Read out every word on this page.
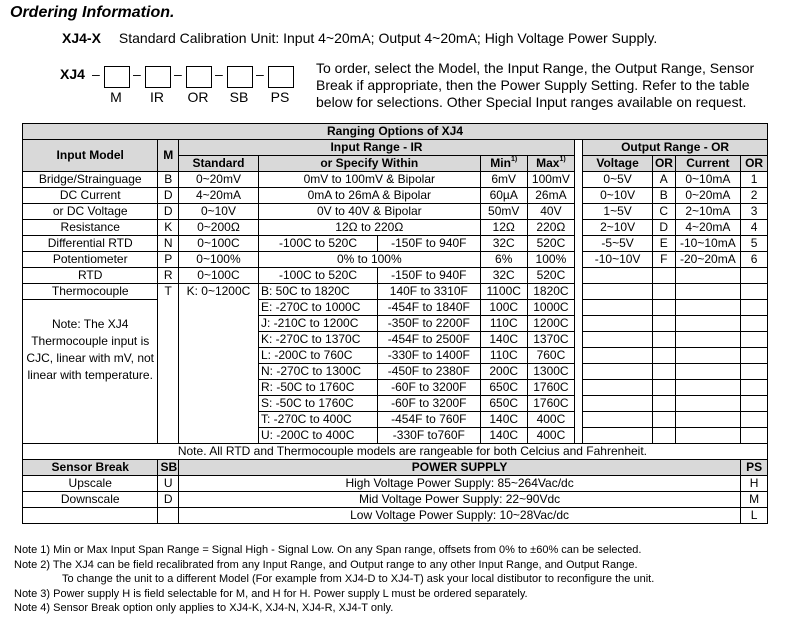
Ordering Information.
XJ4-X Standard Calibration Unit: Input 4~20mA; Output 4~20mA; High Voltage Power Supply.
XJ4 – – – – –
M	IR	OR	SB	PS
To order, select the Model, the Input Range, the Output Range, Sensor Break if appropriate, then the Power Supply Setting. Refer to the table below for selections. Other Special Input ranges available on request.
Ranging Options of XJ4											
Input Model	M	Input Range - IR						Output Range - OR			
		Standard	or Specify Within		Min$^{1)}$	Max$^{1)}$		Voltage	OR	Current	OR
Bridge/Strainguage	B	0~20mV	0mV to 100mV & Bipolar		6mV	100mV		0~5V	A	0~10mA	1
DC Current	D	4~20mA	0mA to 26mA & Bipolar		60µA	26mA		0~10V	B	0~20mA	2
or DC Voltage	D	0~10V	0V to 40V & Bipolar		50mV	40V		1~5V	C	2~10mA	3
Resistance	K	0~200Ω	12Ω to 220Ω		12Ω	220Ω		2~10V	D	4~20mA	4
Differential RTD	N	0~100C	-100C to 520C	-150F to 940F	32C	520C		-5~5V	E	-10~10mA	5
Potentiometer	P	0~100%	0% to 100%		6%	100%		-10~10V	F	-20~20mA	6
RTD	R	0~100C	-100C to 520C	-150F to 940F	32C	520C					
Thermocouple	T	K: 0~1200C	B: 50C to 1820C	140F to 3310F	1100C	1820C					
Note: The XJ4 Thermocouple input is CJC, linear with mV, not linear with temperature.			E: -270C to 1000C	-454F to 1840F	100C	1000C					
			J: -210C to 1200C	-350F to 2200F	110C	1200C					
			K: -270C to 1370C	-454F to 2500F	140C	1370C					
			L: -200C to 760C	-330F to 1400F	110C	760C					
			N: -270C to 1300C	-450F to 2380F	200C	1300C					
			R: -50C to 1760C	-60F to 3200F	650C	1760C					
			S: -50C to 1760C	-60F to 3200F	650C	1760C					
			T: -270C to 400C	-454F to 760F	140C	400C					
			U: -200C to 400C	-330F to760F	140C	400C					
Note. All RTD and Thermocouple models are rangeable for both Celcius and Fahrenheit.											
Sensor Break	SB	POWER SUPPLY									PS
Upscale	U	High Voltage Power Supply: 85~264Vac/dc									H
Downscale	D	Mid Voltage Power Supply: 22~90Vdc									M
		Low Voltage Power Supply: 10~28Vac/dc									L
Note 1) Min or Max Input Span Range = Signal High - Signal Low. On any Span range, offsets from 0% to ±60% can be selected.
Note 2) The XJ4 can be field recalibrated from any Input Range, and Output range to any other Input Range, and Output Range.
To change the unit to a different Model (For example from XJ4-D to XJ4-T) ask your local distibutor to reconfigure the unit.
Note 3) Power supply H is field selectable for M, and H for H. Power supply L must be ordered separately.
Note 4) Sensor Break option only applies to XJ4-K, XJ4-N, XJ4-R, XJ4-T only.
